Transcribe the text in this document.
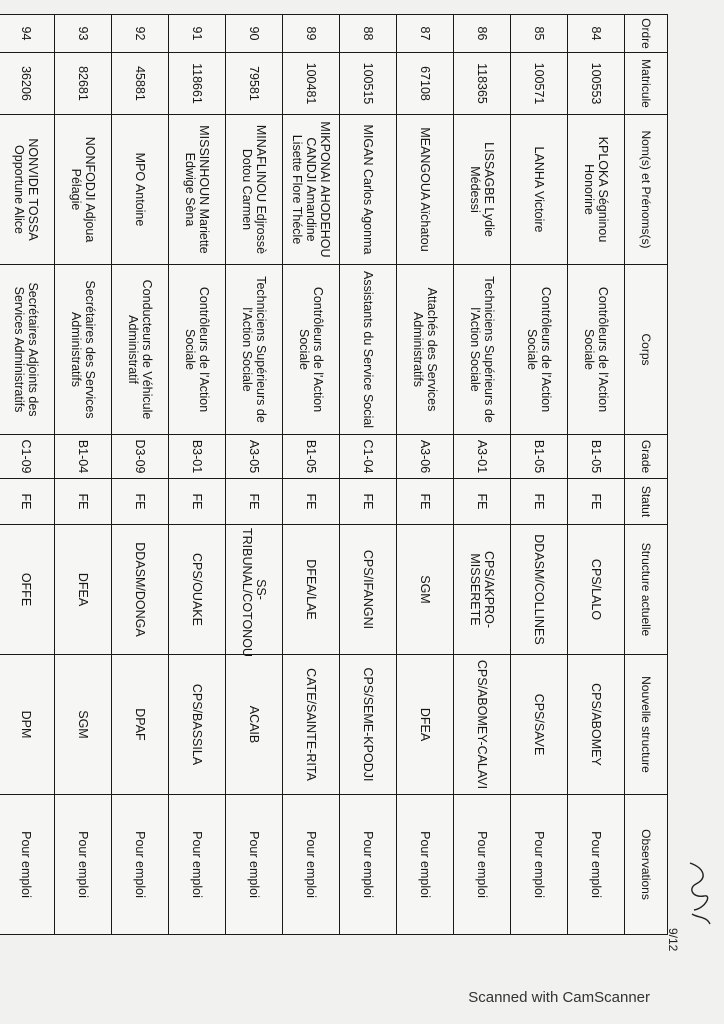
Ordre	Matricule	Nom(s) et Prénoms(s)	Corps	Grade	Statut	Structure actuelle	Nouvelle structure	Observations
84	100553	KPLOKA Ségninou Honorine	Contrôleurs de l'Action Sociale	B1-05	FE	CPS/LALO	CPS/ABOMEY	Pour emploi
85	100571	LANHA Victoire	Contrôleurs de l'Action Sociale	B1-05	FE	DDASM/COLLINES	CPS/SAVE	Pour emploi
86	118365	LISSAGBE Lydie Médessi	Techniciens Supérieurs de l'Action Sociale	A3-01	FE	CPS/AKPRO-MISSERETE	CPS/ABOMEY-CALAVI	Pour emploi
87	67108	MEANGOUA Aïchatou	Attachés des Services Administratifs	A3-06	FE	SGM	DFEA	Pour emploi
88	100515	MIGAN Carlos Agonma	Assistants du Service Social	C1-04	FE	CPS/IFANGNI	CPS/SEME-KPODJI	Pour emploi
89	100481	MIKPONAI AHODEHOU CANDJI Amandine Lisette Flore Thécle	Contrôleurs de l'Action Sociale	B1-05	FE	DFEA/LAE	CATE/SAINTE-RITA	Pour emploi
90	79581	MINAFLINOU Edjrossè Dotou Carmen	Techniciens Supérieurs de l'Action Sociale	A3-05	FE	SS-TRIBUNAL/COTONOU	ACAIB	Pour emploi
91	118661	MISSINHOUN Mariette Edwige Sèna	Contrôleurs de l'Action Sociale	B3-01	FE	CPS/OUAKE	CPS/BASSILA	Pour emploi
92	45881	MPO Antoine	Conducteurs de Véhicule Administratif	D3-09	FE	DDASM/DONGA	DPAF	Pour emploi
93	82681	NONFODJI Adjoua Pélagie	Secrétaires des Services Administratifs	B1-04	FE	DFEA	SGM	Pour emploi
94	36206	NONVIDE TOSSA Opportune Alice	Secrétaires Adjoints des Services Administratifs	C1-09	FE	OFFE	DPM	Pour emploi
9/12
Scanned with CamScanner
